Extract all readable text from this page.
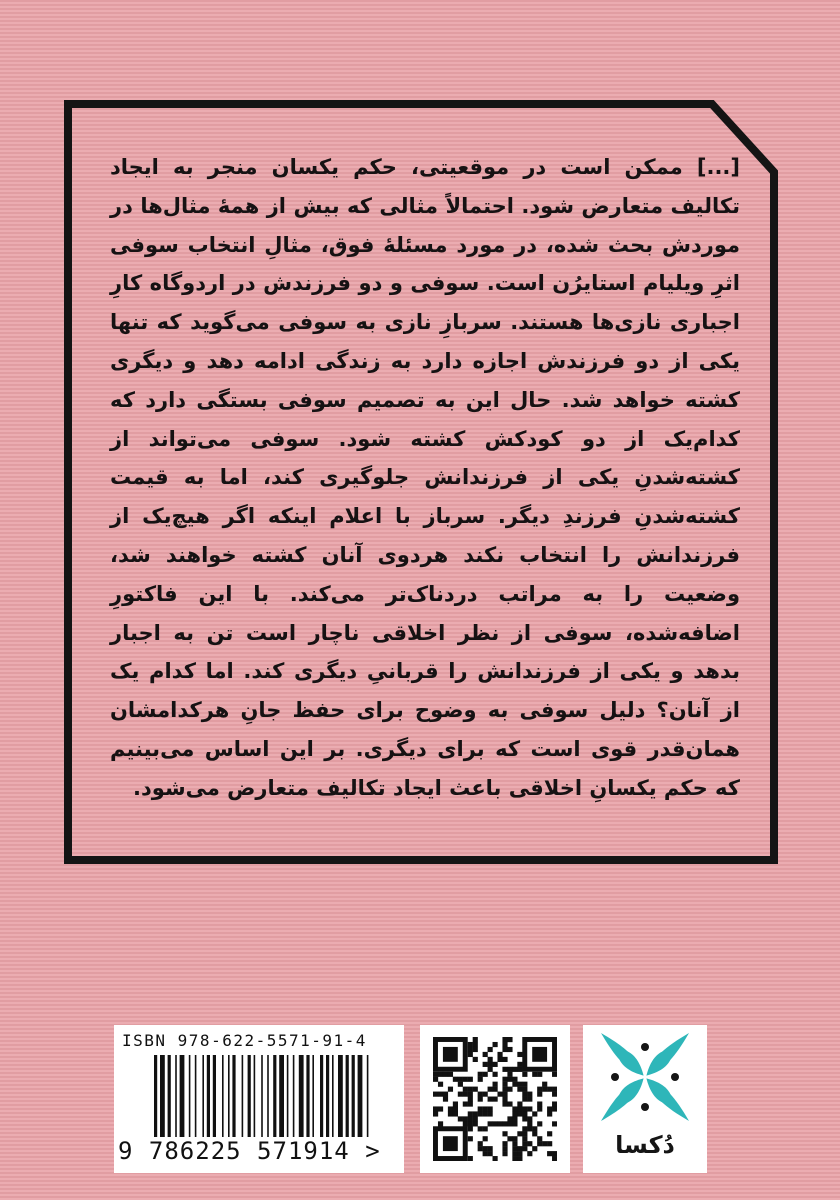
[...] ممکن است در موقعیتی، حکم یکسان منجر به ایجاد تکالیف متعارض شود. احتمالاً مثالی که بیش از همهٔ مثال‌ها در موردش بحث شده، در مورد مسئلهٔ فوق، مثالِ انتخاب سوفی اثرِ ویلیام استایرُن است. سوفی و دو فرزندش در اردوگاه کارِ اجباری نازی‌ها هستند. سربازِ نازی به سوفی می‌گوید که تنها یکی از دو فرزندش اجازه دارد به زندگی ادامه دهد و دیگری کشته خواهد شد. حال این به تصمیم سوفی بستگی دارد که کدام‌یک از دو کودکش کشته شود. سوفی می‌تواند از کشته‌شدنِ یکی از فرزندانش جلوگیری کند، اما به قیمت کشته‌شدنِ فرزندِ دیگر. سرباز با اعلام اینکه اگر هیچ‌یک از فرزندانش را انتخاب نکند هردوی آنان کشته خواهند شد، وضعیت را به مراتب دردناک‌تر می‌کند. با این فاکتورِ اضافه‌شده، سوفی از نظر اخلاقی ناچار است تن به اجبار بدهد و یکی از فرزندانش را قربانیِ دیگری کند. اما کدام یک از آنان؟ دلیل سوفی به وضوح برای حفظ جانِ هرکدامشان همان‌قدر قوی است که برای دیگری. بر این اساس می‌بینیم که حکم یکسانِ اخلاقی باعث ایجاد تکالیف متعارض می‌شود.

ISBN 978-622-5571-91-4
9 786225 571914 >	دُکسا
